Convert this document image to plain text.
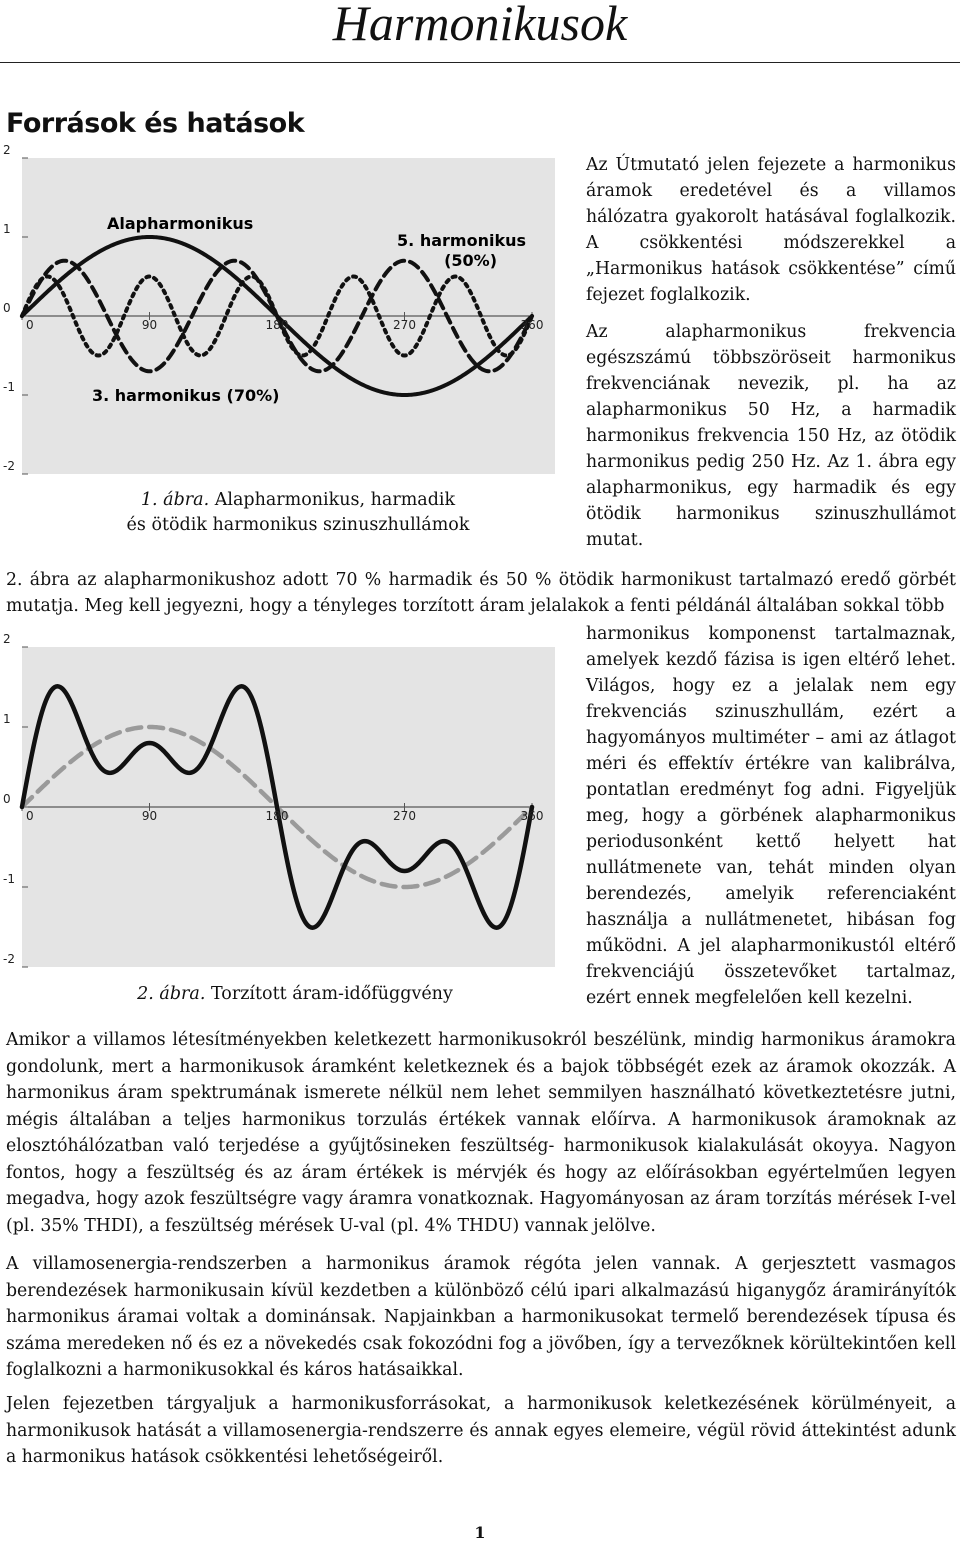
Harmonikusok
Források és hatások
2
1
0
-1
-2
0	90	180	270	360
Alapharmonikus
5. harmonikus
(50%)
3. harmonikus (70%)
1. ábra. Alapharmonikus, harmadik
és ötödik harmonikus szinuszhullámok

Az Útmutató jelen fejezete a harmonikus áramok eredetével és a villamos hálózatra gyakorolt hatásával foglalkozik. A csökkentési módszerekkel a „Harmonikus hatások csökkentése” című fejezet foglalkozik.

Az alapharmonikus frekvencia egészszámú többszöröseit harmonikus frekvenciának nevezik, pl. ha az alapharmonikus 50 Hz, a harmadik harmonikus frekvencia 150 Hz, az ötödik harmonikus pedig 250 Hz. Az 1. ábra egy alapharmonikus, egy harmadik és egy ötödik harmonikus szinuszhullámot mutat.

2. ábra az alapharmonikushoz adott 70 % harmadik és 50 % ötödik harmonikust tartalmazó eredő görbét mutatja. Meg kell jegyezni, hogy a tényleges torzított áram jelalakok a fenti példánál általában sokkal több

2
1
0
-1
-2
0	90	180	270	360
2. ábra. Torzított áram-időfüggvény

harmonikus komponenst tartalmaznak, amelyek kezdő fázisa is igen eltérő lehet. Világos, hogy ez a jelalak nem egy frekvenciás szinuszhullám, ezért a hagyományos multiméter – ami az átlagot méri és effektív értékre van kalibrálva, pontatlan eredményt fog adni. Figyeljük meg, hogy a görbének alapharmonikus periodusonként kettő helyett hat nullátmenete van, tehát minden olyan berendezés, amelyik referenciaként használja a nullátmenetet, hibásan fog működni. A jel alapharmonikustól eltérő frekvenciájú összetevőket tartalmaz, ezért ennek megfelelően kell kezelni.

Amikor a villamos létesítményekben keletkezett harmonikusokról beszélünk, mindig harmonikus áramokra gondolunk, mert a harmonikusok áramként keletkeznek és a bajok többségét ezek az áramok okozzák. A harmonikus áram spektrumának ismerete nélkül nem lehet semmilyen használható következtetésre jutni, mégis általában a teljes harmonikus torzulás értékek vannak előírva. A harmonikusok áramoknak az elosztóhálózatban való terjedése a gyűjtősineken feszültség- harmonikusok kialakulását okoyya. Nagyon fontos, hogy a feszültség és az áram értékek is mérvjék és hogy az előírásokban egyértelműen legyen megadva, hogy azok feszültségre vagy áramra vonatkoznak. Hagyományosan az áram torzítás mérések I-vel (pl. 35% THDI), a feszültség mérések U-val (pl. 4% THDU) vannak jelölve.

A villamosenergia-rendszerben a harmonikus áramok régóta jelen vannak. A gerjesztett vasmagos berendezések harmonikusain kívül kezdetben a különböző célú ipari alkalmazású higanygőz áramirányítók harmonikus áramai voltak a dominánsak. Napjainkban a harmonikusokat termelő berendezések típusa és száma meredeken nő és ez a növekedés csak fokozódni fog a jövőben, így a tervezőknek körültekintően kell foglalkozni a harmonikusokkal és káros hatásaikkal.

Jelen fejezetben tárgyaljuk a harmonikusforrásokat, a harmonikusok keletkezésének körülményeit, a harmonikusok hatását a villamosenergia-rendszerre és annak egyes elemeire, végül rövid áttekintést adunk a harmonikus hatások csökkentési lehetőségeiről.

1
